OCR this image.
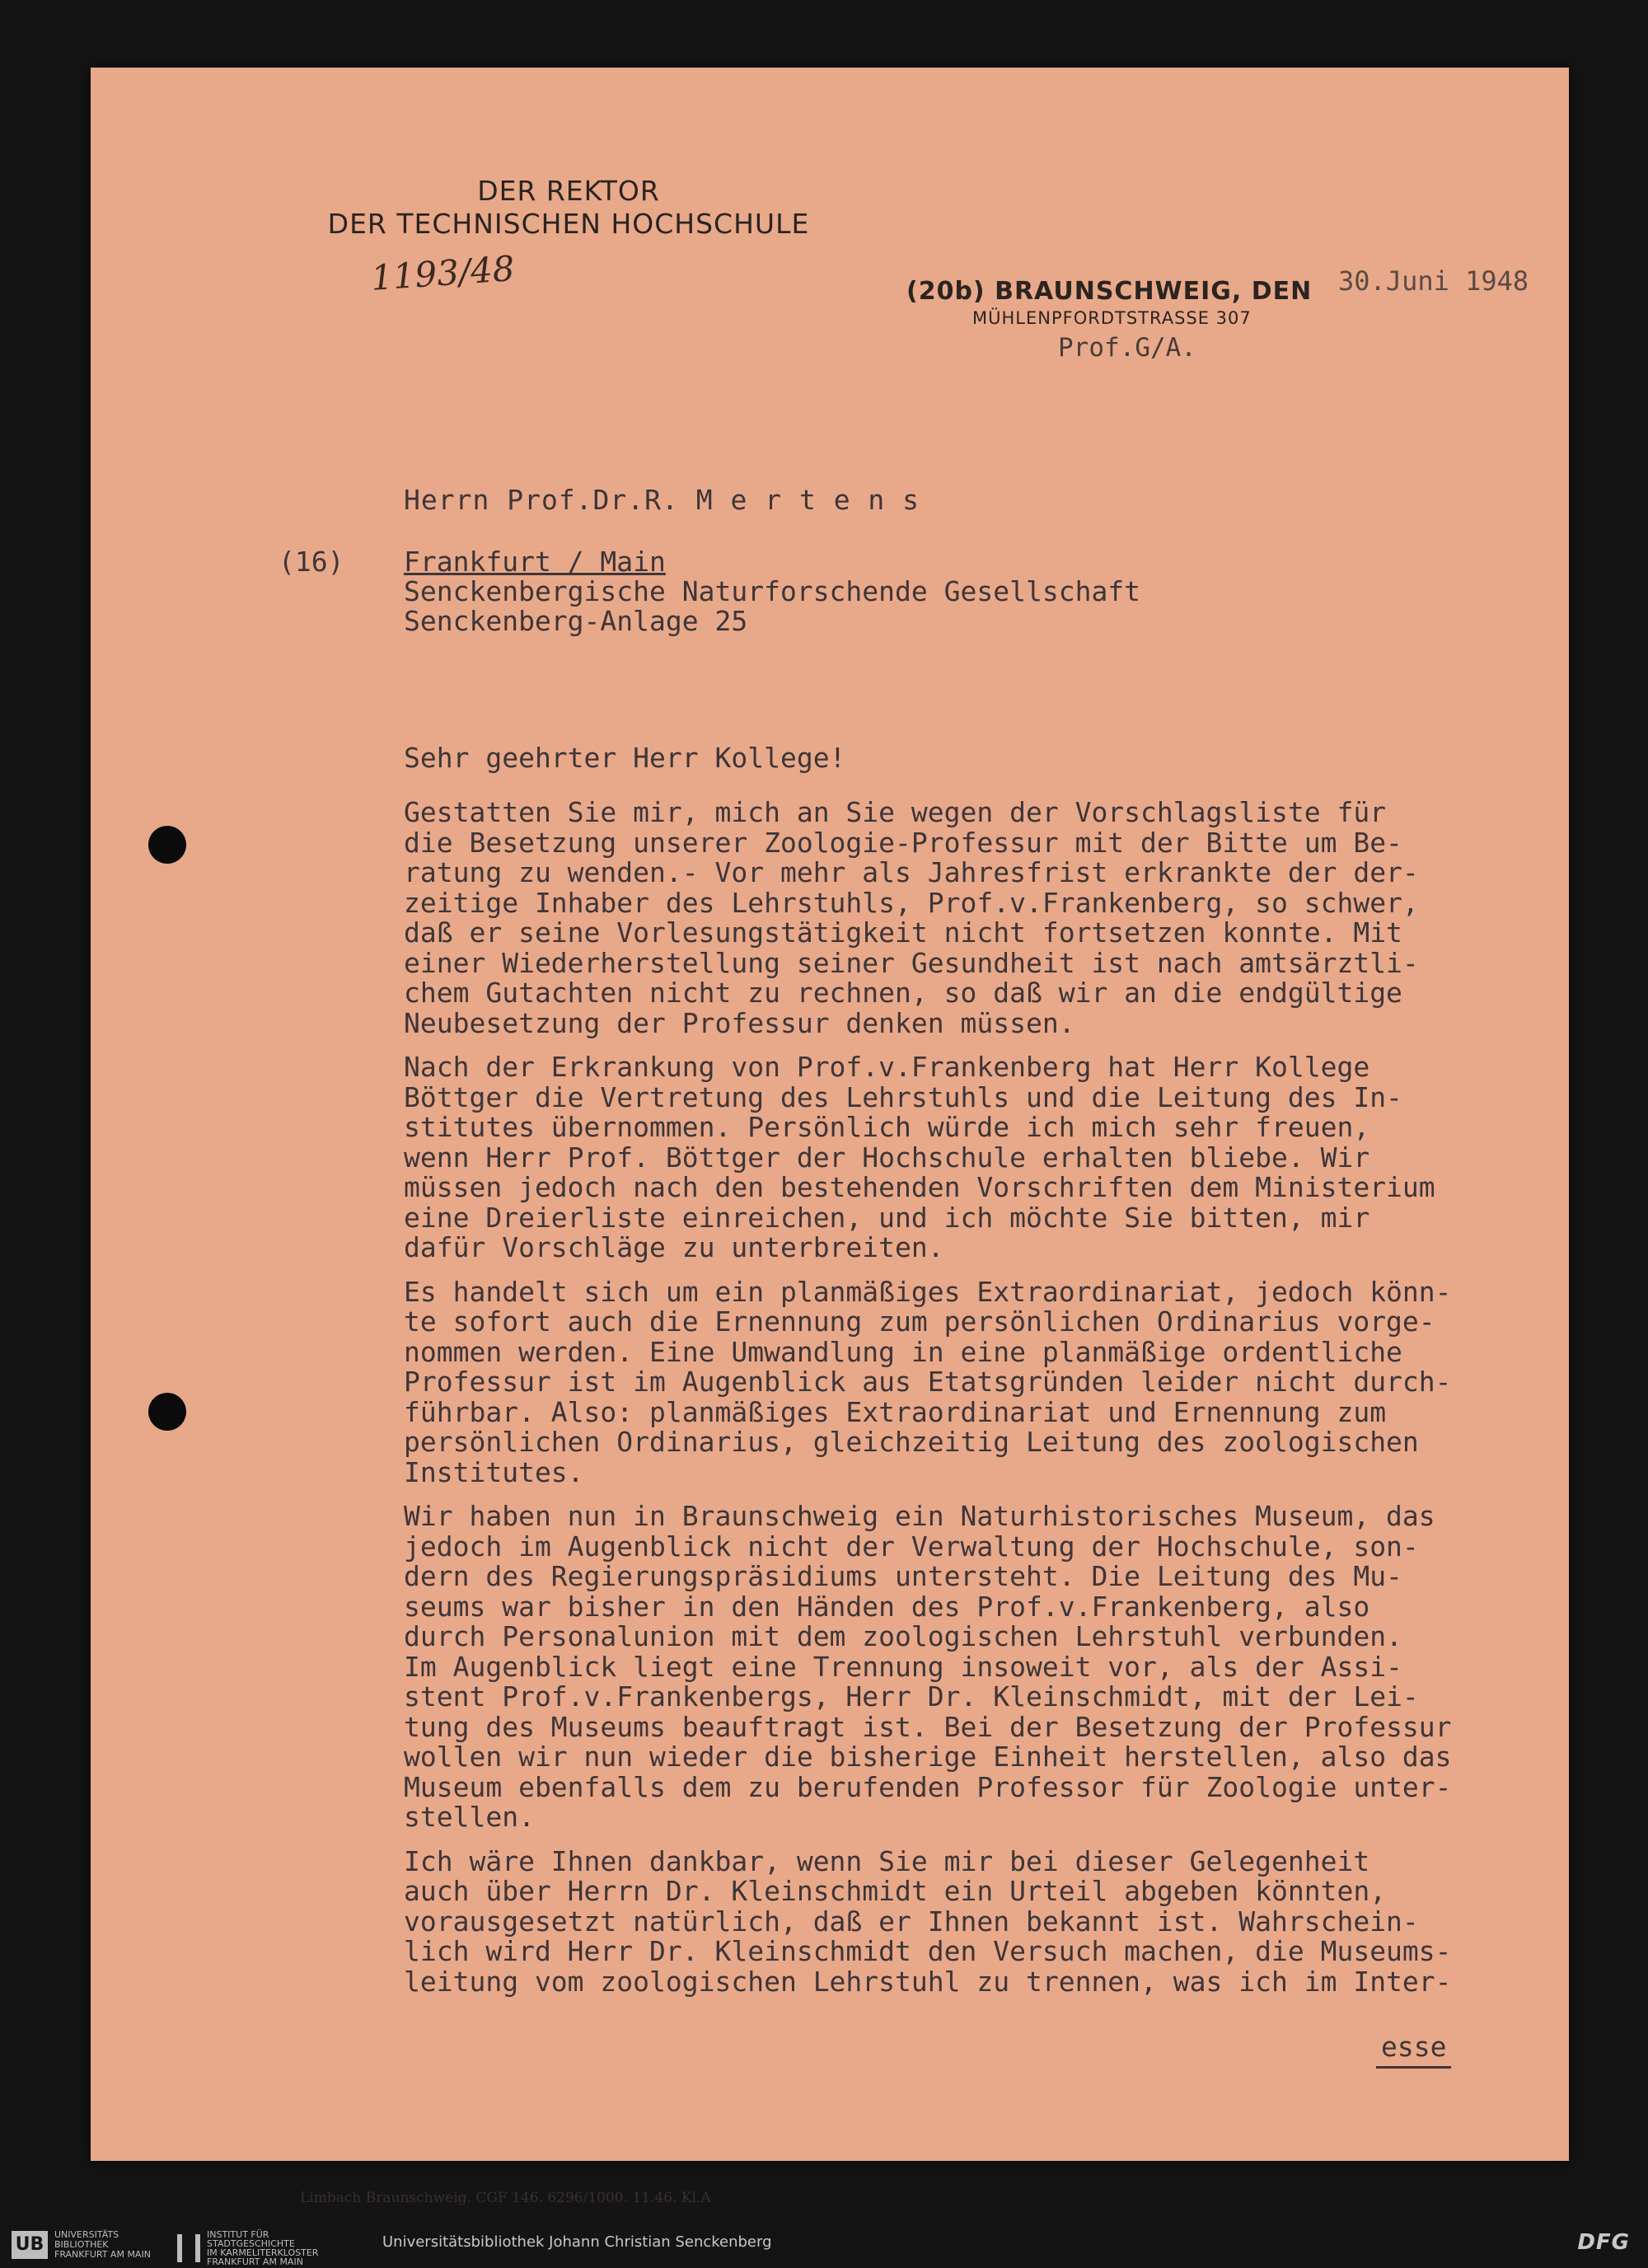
DER REKTOR
DER TECHNISCHEN HOCHSCHULE
1193/48	(20b) BRAUNSCHWEIG, DEN 30.Juni 1948
MÜHLENPFORDTSTRASSE 307
Prof.G/A.
Herrn Prof.Dr.R. M e r t e n s
(16) Frankfurt / Main
Senckenbergische Naturforschende Gesellschaft
Senckenberg-Anlage 25
Sehr geehrter Herr Kollege!
Gestatten Sie mir, mich an Sie wegen der Vorschlagsliste für
die Besetzung unserer Zoologie-Professur mit der Bitte um Be-
ratung zu wenden.- Vor mehr als Jahresfrist erkrankte der der-
zeitige Inhaber des Lehrstuhls, Prof.v.Frankenberg, so schwer,
daß er seine Vorlesungstätigkeit nicht fortsetzen konnte. Mit
einer Wiederherstellung seiner Gesundheit ist nach amtsärztli-
chem Gutachten nicht zu rechnen, so daß wir an die endgültige
Neubesetzung der Professur denken müssen.
Nach der Erkrankung von Prof.v.Frankenberg hat Herr Kollege
Böttger die Vertretung des Lehrstuhls und die Leitung des In-
stitutes übernommen. Persönlich würde ich mich sehr freuen,
wenn Herr Prof. Böttger der Hochschule erhalten bliebe. Wir
müssen jedoch nach den bestehenden Vorschriften dem Ministerium
eine Dreierliste einreichen, und ich möchte Sie bitten, mir
dafür Vorschläge zu unterbreiten.
Es handelt sich um ein planmäßiges Extraordinariat, jedoch könn-
te sofort auch die Ernennung zum persönlichen Ordinarius vorge-
nommen werden. Eine Umwandlung in eine planmäßige ordentliche
Professur ist im Augenblick aus Etatsgründen leider nicht durch-
führbar. Also: planmäßiges Extraordinariat und Ernennung zum
persönlichen Ordinarius, gleichzeitig Leitung des zoologischen
Institutes.
Wir haben nun in Braunschweig ein Naturhistorisches Museum, das
jedoch im Augenblick nicht der Verwaltung der Hochschule, son-
dern des Regierungspräsidiums untersteht. Die Leitung des Mu-
seums war bisher in den Händen des Prof.v.Frankenberg, also
durch Personalunion mit dem zoologischen Lehrstuhl verbunden.
Im Augenblick liegt eine Trennung insoweit vor, als der Assi-
stent Prof.v.Frankenbergs, Herr Dr. Kleinschmidt, mit der Lei-
tung des Museums beauftragt ist. Bei der Besetzung der Professur
wollen wir nun wieder die bisherige Einheit herstellen, also das
Museum ebenfalls dem zu berufenden Professor für Zoologie unter-
stellen.
Ich wäre Ihnen dankbar, wenn Sie mir bei dieser Gelegenheit
auch über Herrn Dr. Kleinschmidt ein Urteil abgeben könnten,
vorausgesetzt natürlich, daß er Ihnen bekannt ist. Wahrschein-
lich wird Herr Dr. Kleinschmidt den Versuch machen, die Museums-
leitung vom zoologischen Lehrstuhl zu trennen, was ich im Inter-
esse
Limbach Braunschweig. CGF 146. 6296/1000. 11.46. Kl.A
UB	UNIVERSITÄTS
BIBLIOTHEK
FRANKFURT AM MAIN
INSTITUT FÜR
STADTGESCHICHTE
IM KARMELITERKLOSTER
FRANKFURT AM MAIN
Universitätsbibliothek Johann Christian Senckenberg	DFG
